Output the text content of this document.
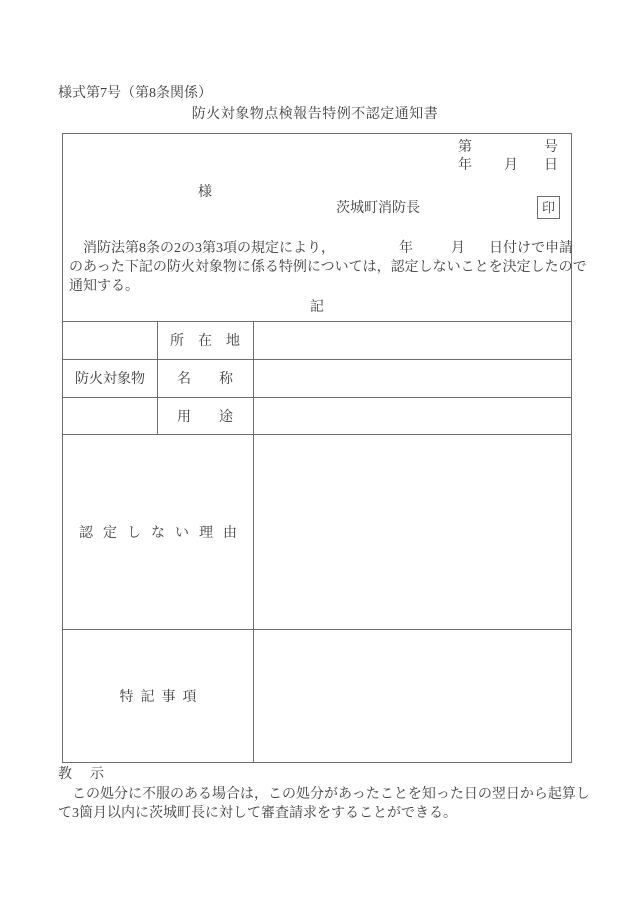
様式第7号（第8条関係）
防火対象物点検報告特例不認定通知書
第	号
年 月 日
様
茨城町消防長	印
　消防法第8条の2の3第3項の規定により，	年	月 日付けで申請
のあった下記の防火対象物に係る特例については，認定しないことを決定したので
通知する。
記
防火対象物
所　在　地
名　　称
用　　途
認定しない理由
特記事項
教　示
　この処分に不服のある場合は，この処分があったことを知った日の翌日から起算し
て3箇月以内に茨城町長に対して審査請求をすることができる。
